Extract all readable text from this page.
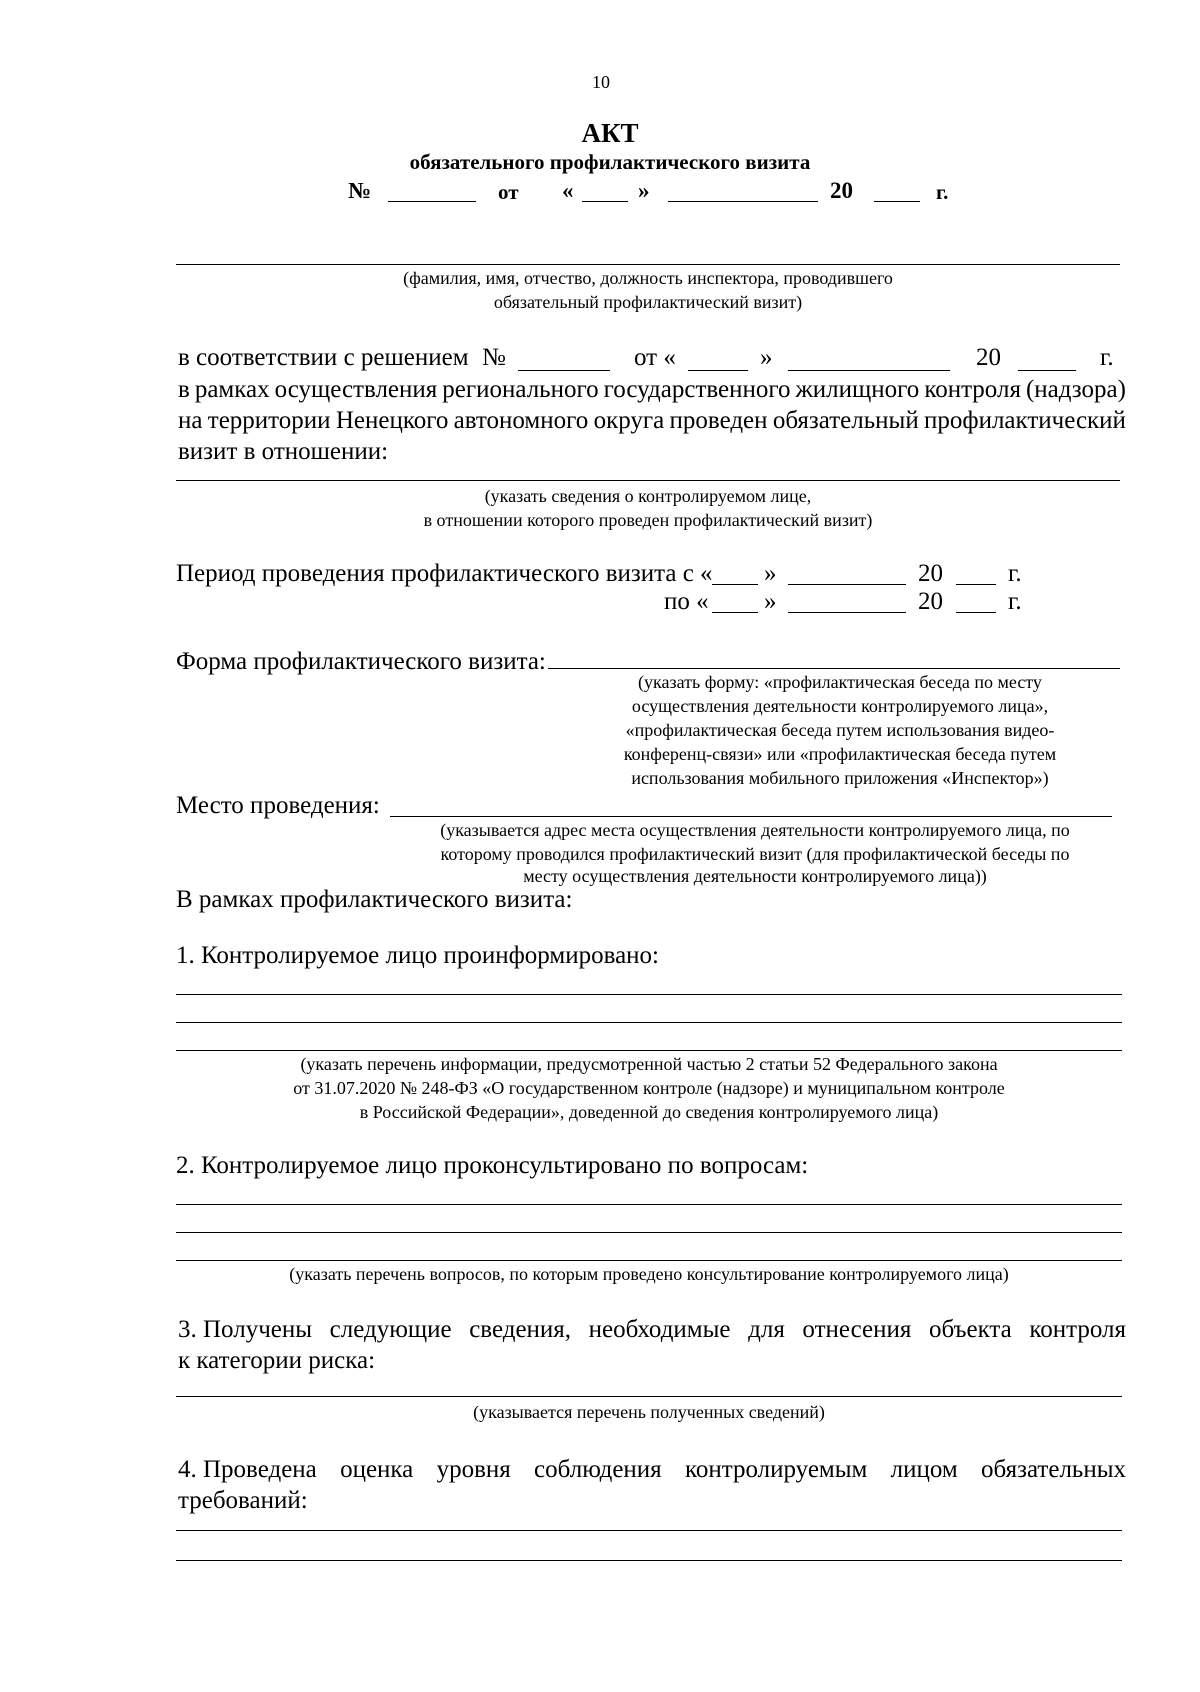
10
АКТ
обязательного профилактического визита
№	от «	»	20	г.
(фамилия, имя, отчество, должность инспектора, проводившего
обязательный профилактический визит)
в соответствии с решением №	от «	»	20	г.
в рамках осуществления регионального государственного жилищного контроля (надзора)
на территории Ненецкого автономного округа проведен обязательный профилактический
визит в отношении:
(указать сведения о контролируемом лице,
в отношении которого проведен профилактический визит)
Период проведения профилактического визита с « »	20	г.
по « »	20	г.
Форма профилактического визита:
(указать форму: «профилактическая беседа по месту
осуществления деятельности контролируемого лица»,
«профилактическая беседа путем использования видео-
конференц-связи» или «профилактическая беседа путем
использования мобильного приложения «Инспектор»)
Место проведения:
(указывается адрес места осуществления деятельности контролируемого лица, по
которому проводился профилактический визит (для профилактической беседы по
месту осуществления деятельности контролируемого лица))
В рамках профилактического визита:
1. Контролируемое лицо проинформировано:
(указать перечень информации, предусмотренной частью 2 статьи 52 Федерального закона
от 31.07.2020 № 248-ФЗ «О государственном контроле (надзоре) и муниципальном контроле
в Российской Федерации», доведенной до сведения контролируемого лица)
2. Контролируемое лицо проконсультировано по вопросам:
(указать перечень вопросов, по которым проведено консультирование контролируемого лица)
3. Получены следующие сведения, необходимые для отнесения объекта контроля
к категории риска:
(указывается перечень полученных сведений)
4. Проведена оценка уровня соблюдения контролируемым лицом обязательных
требований:
